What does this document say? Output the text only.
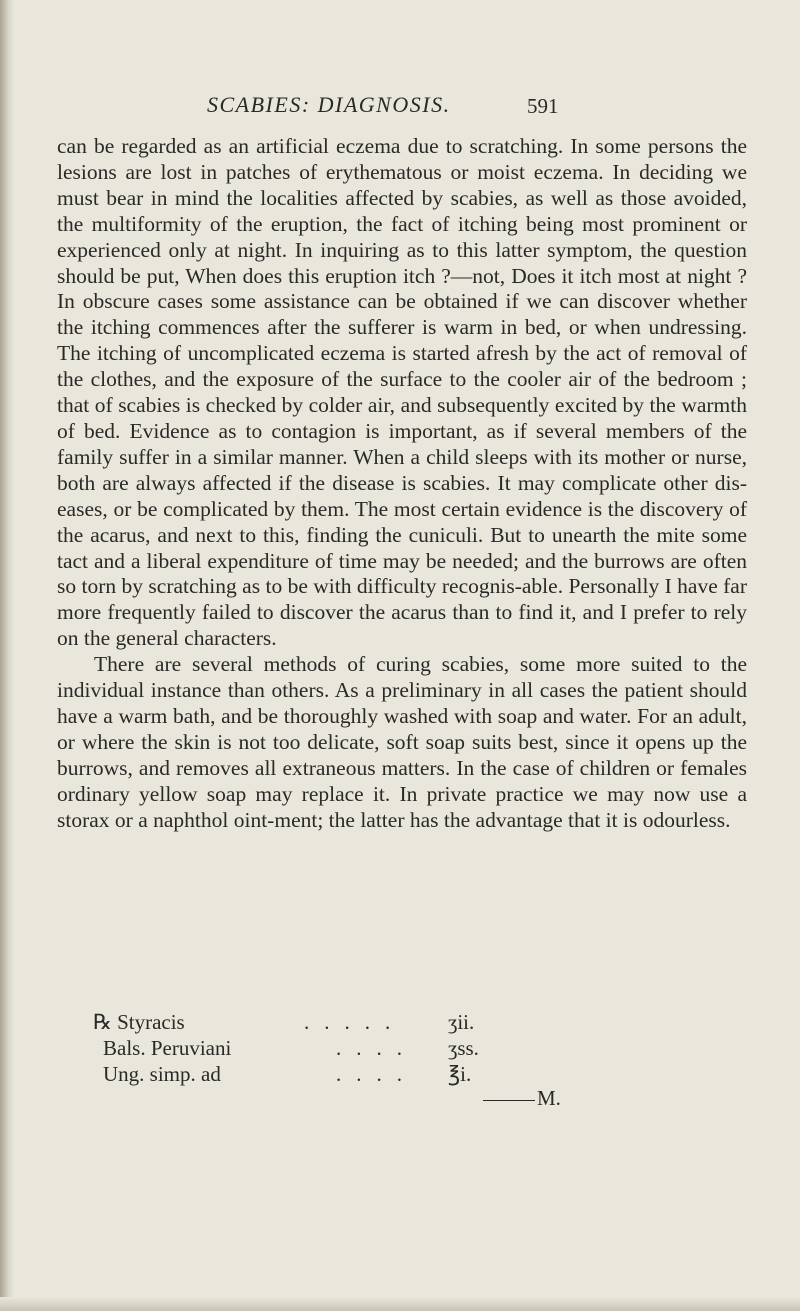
SCABIES: DIAGNOSIS.	591

can be regarded as an artificial eczema due to scratching. In some persons the lesions are lost in patches of erythematous or moist eczema. In deciding we must bear in mind the localities affected by scabies, as well as those avoided, the multiformity of the eruption, the fact of itching being most prominent or experienced only at night. In inquiring as to this latter symptom, the question should be put, When does this eruption itch ?—not, Does it itch most at night ? In obscure cases some assistance can be obtained if we can discover whether the itching commences after the sufferer is warm in bed, or when undressing. The itching of uncomplicated eczema is started afresh by the act of removal of the clothes, and the exposure of the surface to the cooler air of the bedroom ; that of scabies is checked by colder air, and subsequently excited by the warmth of bed. Evidence as to contagion is important, as if several members of the family suffer in a similar manner. When a child sleeps with its mother or nurse, both are always affected if the disease is scabies. It may complicate other dis-eases, or be complicated by them. The most certain evidence is the discovery of the acarus, and next to this, finding the cuniculi. But to unearth the mite some tact and a liberal expenditure of time may be needed; and the burrows are often so torn by scratching as to be with difficulty recognis-able. Personally I have far more frequently failed to discover the acarus than to find it, and I prefer to rely on the general characters.

There are several methods of curing scabies, some more suited to the individual instance than others. As a preliminary in all cases the patient should have a warm bath, and be thoroughly washed with soap and water. For an adult, or where the skin is not too delicate, soft soap suits best, since it opens up the burrows, and removes all extraneous matters. In the case of children or females ordinary yellow soap may replace it. In private practice we may now use a storax or a naphthol oint-ment; the latter has the advantage that it is odourless.

℞ Styracis	..... ʒii.
Bals. Peruviani	.... ʒss.
Ung. simp. ad	.... ℥i.
M.
